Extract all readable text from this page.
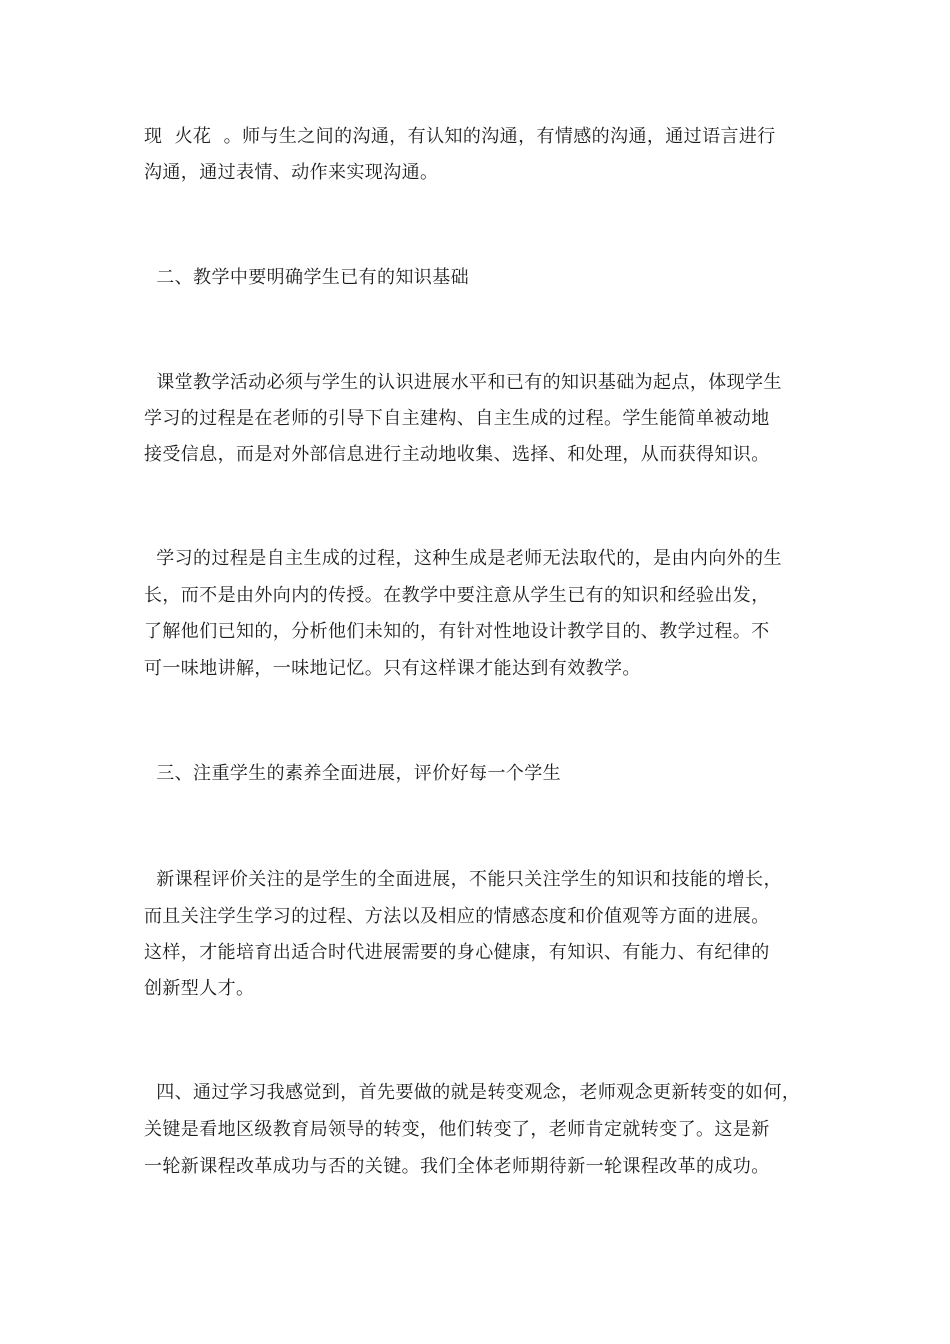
现  火花  。师与生之间的沟通，有认知的沟通，有情感的沟通，通过语言进行
沟通，通过表情、动作来实现沟通。
二、教学中要明确学生已有的知识基础
课堂教学活动必须与学生的认识进展水平和已有的知识基础为起点，体现学生
学习的过程是在老师的引导下自主建构、自主生成的过程。学生能简单被动地
接受信息，而是对外部信息进行主动地收集、选择、和处理，从而获得知识。
学习的过程是自主生成的过程，这种生成是老师无法取代的，是由内向外的生
长，而不是由外向内的传授。在教学中要注意从学生已有的知识和经验出发，
了解他们已知的，分析他们未知的，有针对性地设计教学目的、教学过程。不
可一味地讲解，一味地记忆。只有这样课才能达到有效教学。
三、注重学生的素养全面进展，评价好每一个学生
新课程评价关注的是学生的全面进展，不能只关注学生的知识和技能的增长，
而且关注学生学习的过程、方法以及相应的情感态度和价值观等方面的进展。
这样，才能培育出适合时代进展需要的身心健康，有知识、有能力、有纪律的
创新型人才。
四、通过学习我感觉到，首先要做的就是转变观念，老师观念更新转变的如何，
关键是看地区级教育局领导的转变，他们转变了，老师肯定就转变了。这是新
一轮新课程改革成功与否的关键。我们全体老师期待新一轮课程改革的成功。
